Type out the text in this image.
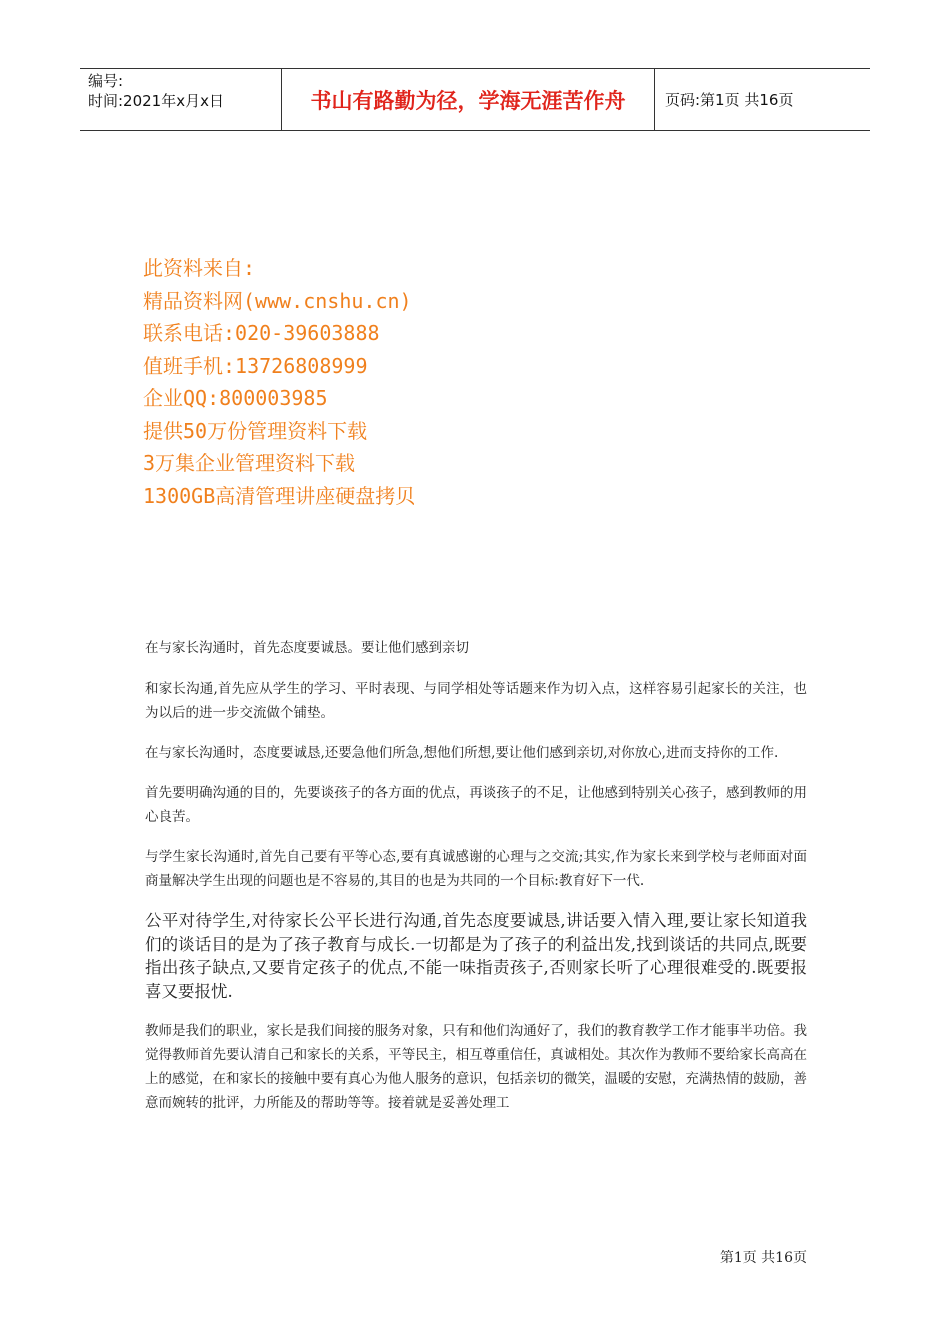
编号:
时间:2021年x月x日	书山有路勤为径，学海无涯苦作舟	页码:第1页 共16页
此资料来自:
精品资料网(www.cnshu.cn)
联系电话:020-39603888
值班手机:13726808999
企业QQ:800003985
提供50万份管理资料下载
3万集企业管理资料下载
1300GB高清管理讲座硬盘拷贝

在与家长沟通时，首先态度要诚恳。要让他们感到亲切

和家长沟通,首先应从学生的学习、平时表现、与同学相处等话题来作为切入点，这样容易引起家长的关注，也为以后的进一步交流做个铺垫。

在与家长沟通时，态度要诚恳,还要急他们所急,想他们所想,要让他们感到亲切,对你放心,进而支持你的工作.

首先要明确沟通的目的，先要谈孩子的各方面的优点，再谈孩子的不足，让他感到特别关心孩子，感到教师的用心良苦。

与学生家长沟通时,首先自己要有平等心态,要有真诚感谢的心理与之交流;其实,作为家长来到学校与老师面对面商量解决学生出现的问题也是不容易的,其目的也是为共同的一个目标:教育好下一代.

公平对待学生,对待家长公平长进行沟通,首先态度要诚恳,讲话要入情入理,要让家长知道我们的谈话目的是为了孩子教育与成长.一切都是为了孩子的利益出发,找到谈话的共同点,既要指出孩子缺点,又要肯定孩子的优点,不能一味指责孩子,否则家长听了心理很难受的.既要报喜又要报忧.

教师是我们的职业，家长是我们间接的服务对象，只有和他们沟通好了，我们的教育教学工作才能事半功倍。我觉得教师首先要认清自己和家长的关系，平等民主，相互尊重信任，真诚相处。其次作为教师不要给家长高高在上的感觉，在和家长的接触中要有真心为他人服务的意识，包括亲切的微笑，温暖的安慰，充满热情的鼓励，善意而婉转的批评，力所能及的帮助等等。接着就是妥善处理工

第1页 共16页
